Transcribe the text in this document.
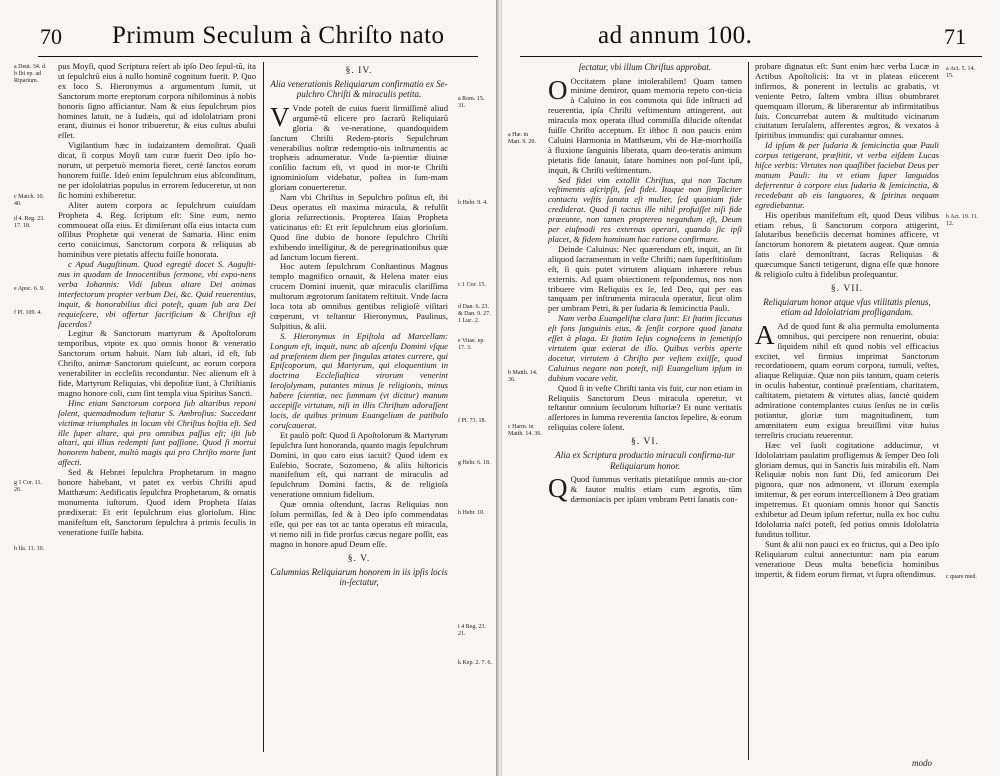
70 Primum Seculum à Chriſto nato
a Deut. 34. d. b Ibi ep. ad Riparium.
c Match. 10. 40.
d 4. Reg. 23. 17. 18.
e Apoc. 6. 9.
f Pſ. 109. 4.
g 1 Cor. 11. 26.
h Iſa. 11. 10.

pus Moyſi, quod Scriptura reſert ab ipſo Deo ſepul-tū, ita ut ſepulchrū eius à nullo hominē cognitum fuerit. P. Quo ex loco S. Hieronymus a argumentum ſumit, ut Sanctorum morte ereptorum corpora nihilominus à nobis honoris ſigno afficiantur. Nam & eius ſepulchrum pios homines latuit, ne à Iudæis, qui ad idololatriam proni erant, diuinus ei honor tribueretur, & eius cultus abuſui eſſet.

Vigilantium hæc in iudaizantem demoſtrat. Quaſi dicat, ſi corpus Moyſi tam curæ fuerit Deo ipſo ho-norum, ut perpetuò memoria fieret, certè ſanctos eorum honorem fuiſſe. Ideò enim ſepulchrum eius abſconditum, ne per idololatrias populus in errorem ſeduceretur, ut non ſic homini exhiberetur.

Aliter autem corpora ac ſepulchrum cuiuſdam Propheta 4. Reg. ſcriptum eſt: Sine eum, nemo commoueat oſſa eius. Et dimiſerunt oſſa eius intacta cum oſſibus Prophetæ qui venerat de Samaria. Hinc enim certo coniicimus, Sanctorum corpora & reliquias ab hominibus vere pietatis affectu fuiſſe honorata.

c Apud Auguſtinum. Quod egregiè docet S. Auguſti-nus in quodam de Innocentibus ſermone, vbi expo-nens verba Iohannis: Vidi ſubtus altare Dei animas interfectorum propter verbum Dei, &c. Quid reuerentius, inquit, & honorabilius dici poteſt, quam ſub ara Dei requieſcere, vbi offertur ſacrificium & Chriſtus eſt ſacerdos?

Legitur & Sanctorum martyrum & Apoſtolorum temporibus, vtpote ex quo omnis honor & veneratio Sanctorum ortum habuit. Nam ſub altari, id eſt, ſub Chriſto, animæ Sanctorum quieſcunt, ac eorum corpora venerabiliter in eccleſiis reconduntur. Nec alienum eſt à fide, Martyrum Reliquias, vbi depoſitæ ſunt, à Chriſtianis magno honore coli, cum ſint templa viua Spiritus Sancti.

Hinc etiam Sanctorum corpora ſub altaribus reponi ſolent, quemadmodum teſtatur S. Ambroſius: Succedant victimæ triumphales in locum vbi Chriſtus hoſtia eſt. Sed ille ſuper altare, qui pro omnibus paſſus eſt; iſti ſub altari, qui illius redempti ſunt paſſione. Quod ſi mortui honorem habent, multò magis qui pro Chriſto morte ſunt affecti.

Sed & Hebræi ſepulchra Prophetarum in magno honore habebant, vt patet ex verbis Chriſti apud Matthæum: Aedificatis ſepulchra Prophetarum, & ornatis monumenta iuſtorum. Quod idem Propheta Iſaias prædixerat: Et erit ſepulchrum eius glorioſum. Hinc manifeſtum eſt, Sanctorum ſepulchra à primis ſeculis in veneratione fuiſſe habita.

§. IV.
Alia venerationis Reliquiarum confirmatio ex Se-pulchro Chriſti & miraculis petita.

V Vnde poteſt de cuius fuerit ſirmiſſimè aliud argumē-tū elicere pro ſacrarū Reliquiarū gloria & ve-neratione, quandoquidem ſanctum Chriſti Redem-ptoris Sepulchrum venerabilius noſtræ redemptio-nis inſtrumentis ac trophæis adnumeratur. Vnde ſa-pientiæ diuinæ conſilio factum eſt, vt quod in mor-te Chriſti ignominioſum videbatur, poſtea in ſum-mam gloriam conuerteretur.

Nam vbi Chriſtus in Sepulchro poſitus eſt, ibi Deus operatus eſt maxima miracula, & refulſit gloria reſurrectionis. Propterea Iſaias Propheta vaticinatus eſt: Et erit ſepulchrum eius glorioſum. Quod ſine dubio de honore ſepulchro Chriſti exhibendo intelligitur, & de peregrinationibus quæ ad ſanctum locum fierent.

Hoc autem ſepulchrum Conſtantinus Magnus templo magnifico ornauit, & Helena mater eius crucem Domini inuenit, quæ miraculis clariſſima multorum ægrotorum ſanitatem reſtituit. Vnde ſacra loca tota ab omnibus gentibus religioſè viſitari cœperunt, vt teſtantur Hieronymus, Paulinus, Sulpitius, & alii.

S. Hieronymus in Epiſtola ad Marcellam: Longum eſt, inquit, nunc ab aſcenſu Domini vſque ad præſentem diem per ſingulas ætates currere, qui Epiſcoporum, qui Martyrum, qui eloquentium in doctrina Eccleſiaſtica virorum venerint Ieroſolymam, putantes minus ſe religionis, minus habere ſcientiæ, nec ſummam (vt dicitur) manum accepiſſe virtutum, niſi in illis Chriſtum adoraſſent locis, de quibus primum Euangelium de patibulo coruſcauerat.

Et paulò poſt: Quod ſi Apoſtolorum & Martyrum ſepulchra ſunt honoranda, quanto magis ſepulchrum Domini, in quo caro eius iacuit? Quod idem ex Euſebio, Socrate, Sozomeno, & aliis hiſtoricis manifeſtum eſt, qui narrant de miraculis ad ſepulchrum Domini factis, & de religioſa veneratione omnium fidelium.

Quæ omnia oſtendunt, ſacras Reliquias non ſolum permiſſas, ſed & à Deo ipſo commendatas eſſe, qui per eas tot ac tanta operatus eſt miracula, vt nemo niſi in fide prorſus cæcus negare poſſit, eas magno in honore apud Deum eſſe.

§. V.
Calumnias Reliquiarum honorem in iis ipſis locis in-ſectatur,
a Rom. 15. 31.
b Hebr. 9. 4.
c 1 Cor. 15.
d Dan. 6. 23. & Dan. 9. 27. 1 Luc. 2.
e Vitae. ep. 17. 3.
f Pſ. 73. 18.
g Hebr. 6. 18.
h Hebr. 10.
i 4 Reg. 23. 21.
k Kep. 2. 7. 6.
ad annum 100.	71
a Hæ. in Matt. 9. 20.
b Matth. 14. 36.
c Harm. in Matth. 14. 36.
ſectatur, vbi illum Chriſtus approbat.

O Occitatem plane intolerabilem! Quam tamen minime demiror, quam memoria repeto con-ticia à Caluino in eos commota qui ſide inſtructi ad reuerentia, ipſa Chriſti veſtimentum attingerent, aut miracula mox operata illud commiſſa diluciđe oſtendat fuiſſe Chriſto acceptum. Et iſthoc ſi non paucis enim Caluini Harmonia in Matthæum, vbi de Hæ-morrhoiſſa à fluxione ſanguinis liberata, quam deo-teratis animum pietatis fide ſanauit, ſatare homines non poſ-ſunt ipſi, inquit, & Chriſti veſtimentum.

Sed fidei vim extollit Chriſtus, qui non Tactum veſtimentis aſcripſit, ſed fidei. Itaque non ſimpliciter contactu veſtis ſanata eſt mulier, ſed quoniam fide crediderat. Quod ſi tactus ille nihil profuiſſet niſi fide præeunte, non tamen propterea negandum eſt, Deum per eiuſmodi res externas operari, quando ſic ipſi placet, & fidem hominum hac ratione confirmare.

Deinde Caluinus: Nec quærendum eſt, inquit, an ſit aliquod ſacramentum in veſte Chriſti; nam ſuperſtitioſum eſt, ſi quis putet virtutem aliquam inhærere rebus externis. Ad quam obiectionem reſpondemus, nos non tribuere vim Reliquiis ex ſe, ſed Deo, qui per eas tanquam per inſtrumenta miracula operatur, ſicut olim per umbram Petri, & per ſudaria & ſemicinctia Pauli.

Nam verba Euangeliſtæ clara ſunt: Et ſtatim ſiccatus eſt fons ſanguinis eius, & ſenſit corpore quod ſanata eſſet à plaga. Et ſtatim Ieſus cognoſcens in ſemetipſo virtutem quæ exierat de illo. Quibus verbis aperte docetur, virtutem à Chriſto per veſtem exiiſſe, quod Caluinus negare non poteſt, niſi Euangelium ipſum in dubium vocare velit.

Quod ſi in veſte Chriſti tanta vis fuit, cur non etiam in Reliquiis Sanctorum Deus miracula operetur, vt teſtantur omnium ſeculorum hiſtoriæ? Et nunc veritatis aſſertores in ſumma reverentia ſanctos ſepelire, & eorum reliquias colere ſolent.

§. VI.
Alia ex Scriptura productio miraculi confirma-tur Reliquiarum honor.

Q Quod ſummus veritatis pietatiſque omnis au-ctor & fautor multis etiam cum ægrotis, tūm dæmoniacis per ipſam vmbram Petri ſanatis con-

probare dignatus eſt: Sunt enim hæc verba Lucæ in Actibus Apoſtolicis: Ita vt in plateas eiicerent infirmos, & ponerent in lectulis ac grabatis, vt veniente Petro, ſaltem vmbra illius obumbraret quemquam illorum, & liberarentur ab infirmitatibus ſuis. Concurrebat autem & multitudo vicinarum ciuitatum Ieruſalem, afferentes ægros, & vexatos à ſpiritibus immundis: qui curabantur omnes.

Id ipſum & per ſudaria & ſemicinctia quæ Pauli corpus tetigerant, præſtitit, vt verba eiſdem Lucas hiſce verbis: Virtutes non quaſlibet faciebat Deus per manum Pauli: ita vt etiam ſuper languidos deferrentur à corpore eius ſudaria & ſemicinctia, & recedebant ab eis languores, & ſpiritus nequam egrediebantur.

His operibus manifeſtum eſt, quod Deus vilibus etiam rebus, ſi Sanctorum corpora attigerint, ſalutaribus beneficiis decernat homines afficere, vt ſanctorum honorem & pietatem augeat. Quæ omnia ſatis clarè demonſtrant, ſacras Reliquias & quæcumque Sancti tetigerunt, digna eſſe quæ honore & religioſo cultu à fidelibus proſequantur.

§. VII.
Reliquiarum honor atque vſus vtilitatis plenus, etiam ad Idololatriam profligandam.

A Ad de quod ſunt & alia permulta emolumenta omnibus, qui percipere non renuerint, obuia: ſiquidem nihil eſt quod nobis vel efficacius excitet, vel firmius imprimat Sanctorum recordationem, quam eorum corpora, tumuli, veſtes, aliaque Reliquiæ. Quæ non piis tantum, quam ceteris in oculis habentur, continuè præſentiam, charitatem, caſtitatem, pietatem & virtutes alias, ſanctè quidem admiratione contemplantes cuius ſenſus ne in cœlis potiantur, gloriæ tum magnitudinem, tum amœnitatem eum exigua breuiſſimi vitæ huius terreſtris cruciatu reuerentur.

Hæc vel ſuoli cogitatione adducimur, vt Idololatriam paulatim profligemus & ſemper Deo ſoli gloriam demus, qui in Sanctis ſuis mirabilis eſt. Nam Reliquiæ nobis non ſunt Dii, ſed amicorum Dei pignora, quæ nos admonent, vt illorum exempla imitemur, & per eorum interceſſionem à Deo gratiam impetremus. Et quoniam omnis honor qui Sanctis exhibetur ad Deum ipſum refertur, nulla ex hoc cultu Idololatria naſci poteſt, ſed potius omnis Idololatria funditus tollitur.

Sunt & alii non pauci ex eo fructus, qui a Deo ipſo Reliquiarum cultui annectuntur: nam pia earum veneratione Deus multa beneficia hominibus impertit, & fidem eorum firmat, vt ſupra oſtendimus.

a Act. 5. 14. 15.
b Act. 19. 11. 12.
c quare med.
modo
